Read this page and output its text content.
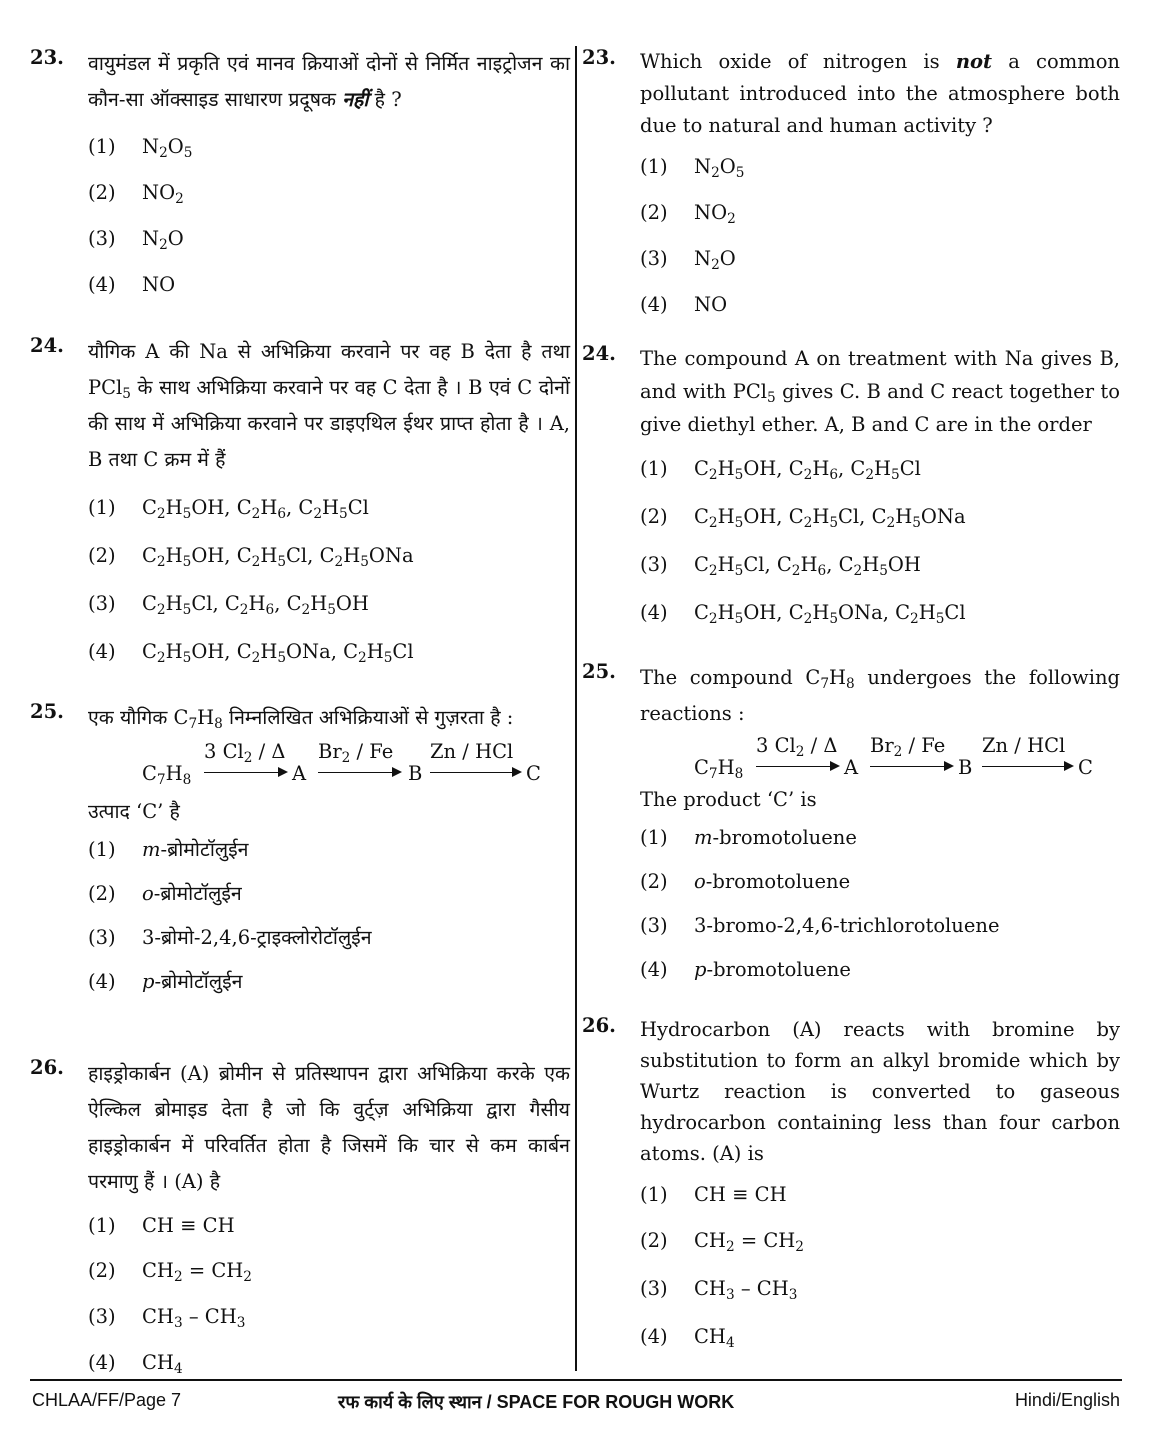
23. वायुमंडल में प्रकृति एवं मानव क्रियाओं दोनों से निर्मित नाइट्रोजन का कौन-सा ऑक्साइड साधारण प्रदूषक नहीं है ?
(1) $N_2O_5$
(2) $NO_2$
(3) $N_2O$
(4) NO
24. यौगिक A की Na से अभिक्रिया करवाने पर वह B देता है तथा PCl$_5$ के साथ अभिक्रिया करवाने पर वह C देता है । B एवं C दोनों की साथ में अभिक्रिया करवाने पर डाइएथिल ईथर प्राप्त होता है । A, B तथा C क्रम में हैं
(1) $C_2H_5OH$, $C_2H_6$, $C_2H_5Cl$
(2) $C_2H_5OH$, $C_2H_5Cl$, $C_2H_5ONa$
(3) $C_2H_5Cl$, $C_2H_6$, $C_2H_5OH$
(4) $C_2H_5OH$, $C_2H_5ONa$, $C_2H_5Cl$
25. एक यौगिक $C_7H_8$ निम्नलिखित अभिक्रियाओं से गुज़रता है :
$C_7H_8$
3 $Cl_2$ / Δ
A
$Br_2$ / Fe
B
Zn / HCl
C
उत्पाद ‘C’ है
(1) m-ब्रोमोटॉलुईन
(2) o-ब्रोमोटॉलुईन
(3) 3-ब्रोमो-2,4,6-ट्राइक्लोरोटॉलुईन
(4) p-ब्रोमोटॉलुईन
26. हाइड्रोकार्बन (A) ब्रोमीन से प्रतिस्थापन द्वारा अभिक्रिया करके एक ऐल्किल ब्रोमाइड देता है जो कि वुर्ट्ज़ अभिक्रिया द्वारा गैसीय हाइड्रोकार्बन में परिवर्तित होता है जिसमें कि चार से कम कार्बन परमाणु हैं । (A) है
(1) CH ≡ CH
(2) $CH_2 = CH_2$
(3) $CH_3 - CH_3$
(4) $CH_4$
23. Which oxide of nitrogen is not a common pollutant introduced into the atmosphere both due to natural and human activity ?
(1) $N_2O_5$
(2) $NO_2$
(3) $N_2O$
(4) NO
24. The compound A on treatment with Na gives B, and with PCl$_5$ gives C. B and C react together to give diethyl ether. A, B and C are in the order
(1) $C_2H_5OH$, $C_2H_6$, $C_2H_5Cl$
(2) $C_2H_5OH$, $C_2H_5Cl$, $C_2H_5ONa$
(3) $C_2H_5Cl$, $C_2H_6$, $C_2H_5OH$
(4) $C_2H_5OH$, $C_2H_5ONa$, $C_2H_5Cl$
25. The compound $C_7H_8$ undergoes the following reactions :
$C_7H_8$
3 $Cl_2$ / Δ
A
$Br_2$ / Fe
B
Zn / HCl
C
The product ‘C’ is
(1) m-bromotoluene
(2) o-bromotoluene
(3) 3-bromo-2,4,6-trichlorotoluene
(4) p-bromotoluene
26. Hydrocarbon (A) reacts with bromine by substitution to form an alkyl bromide which by Wurtz reaction is converted to gaseous hydrocarbon containing less than four carbon atoms. (A) is
(1) CH ≡ CH
(2) $CH_2 = CH_2$
(3) $CH_3 - CH_3$
(4) $CH_4$
CHLAA/FF/Page 7	रफ कार्य के लिए स्थान / SPACE FOR ROUGH WORK	Hindi/English
